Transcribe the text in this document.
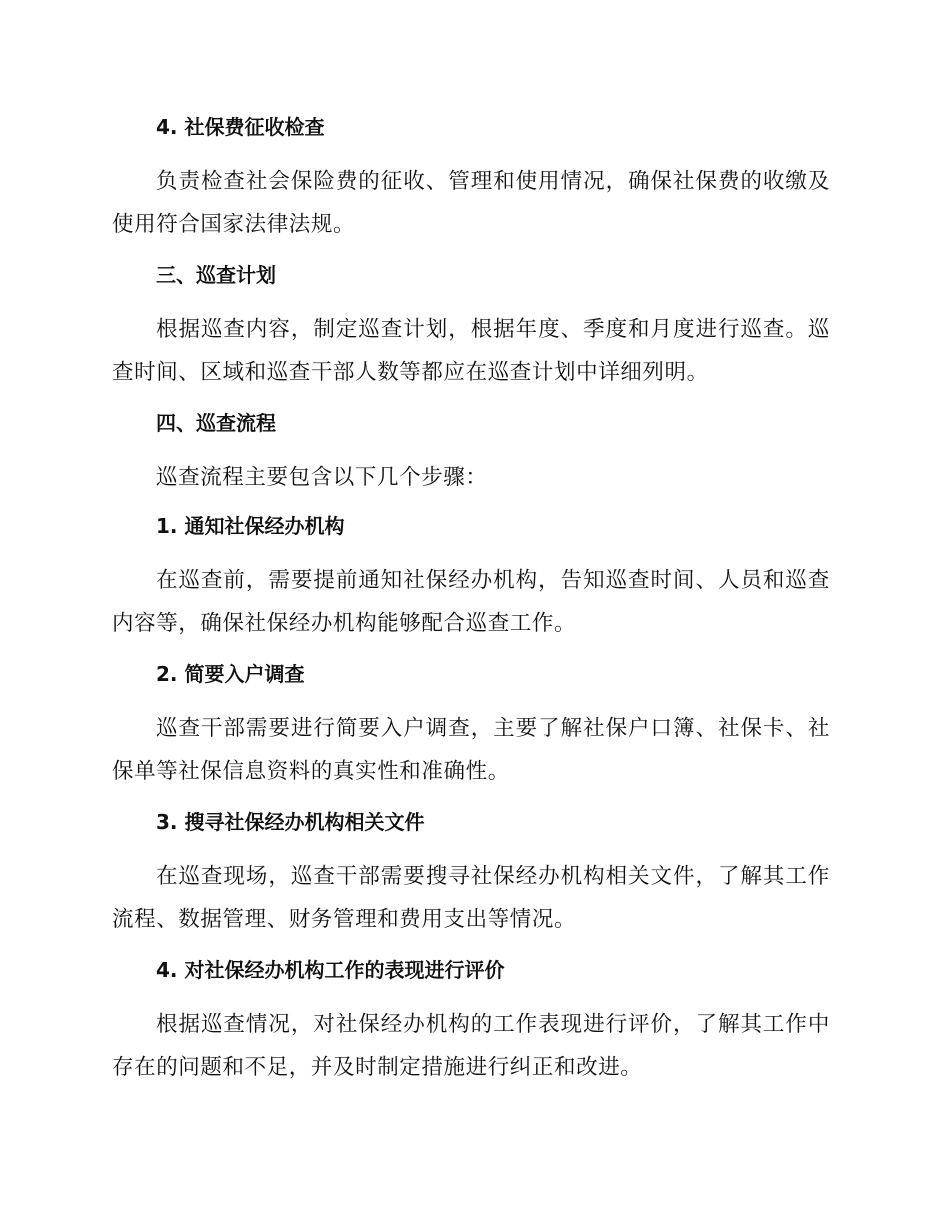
4. 社保费征收检查

负责检查社会保险费的征收、管理和使用情况，确保社保费的收缴及使用符合国家法律法规。

三、巡查计划

根据巡查内容，制定巡查计划，根据年度、季度和月度进行巡查。巡查时间、区域和巡查干部人数等都应在巡查计划中详细列明。

四、巡查流程

巡查流程主要包含以下几个步骤：

1. 通知社保经办机构

在巡查前，需要提前通知社保经办机构，告知巡查时间、人员和巡查内容等，确保社保经办机构能够配合巡查工作。

2. 简要入户调查

巡查干部需要进行简要入户调查，主要了解社保户口簿、社保卡、社保单等社保信息资料的真实性和准确性。

3. 搜寻社保经办机构相关文件

在巡查现场，巡查干部需要搜寻社保经办机构相关文件，了解其工作流程、数据管理、财务管理和费用支出等情况。

4. 对社保经办机构工作的表现进行评价

根据巡查情况，对社保经办机构的工作表现进行评价，了解其工作中存在的问题和不足，并及时制定措施进行纠正和改进。
